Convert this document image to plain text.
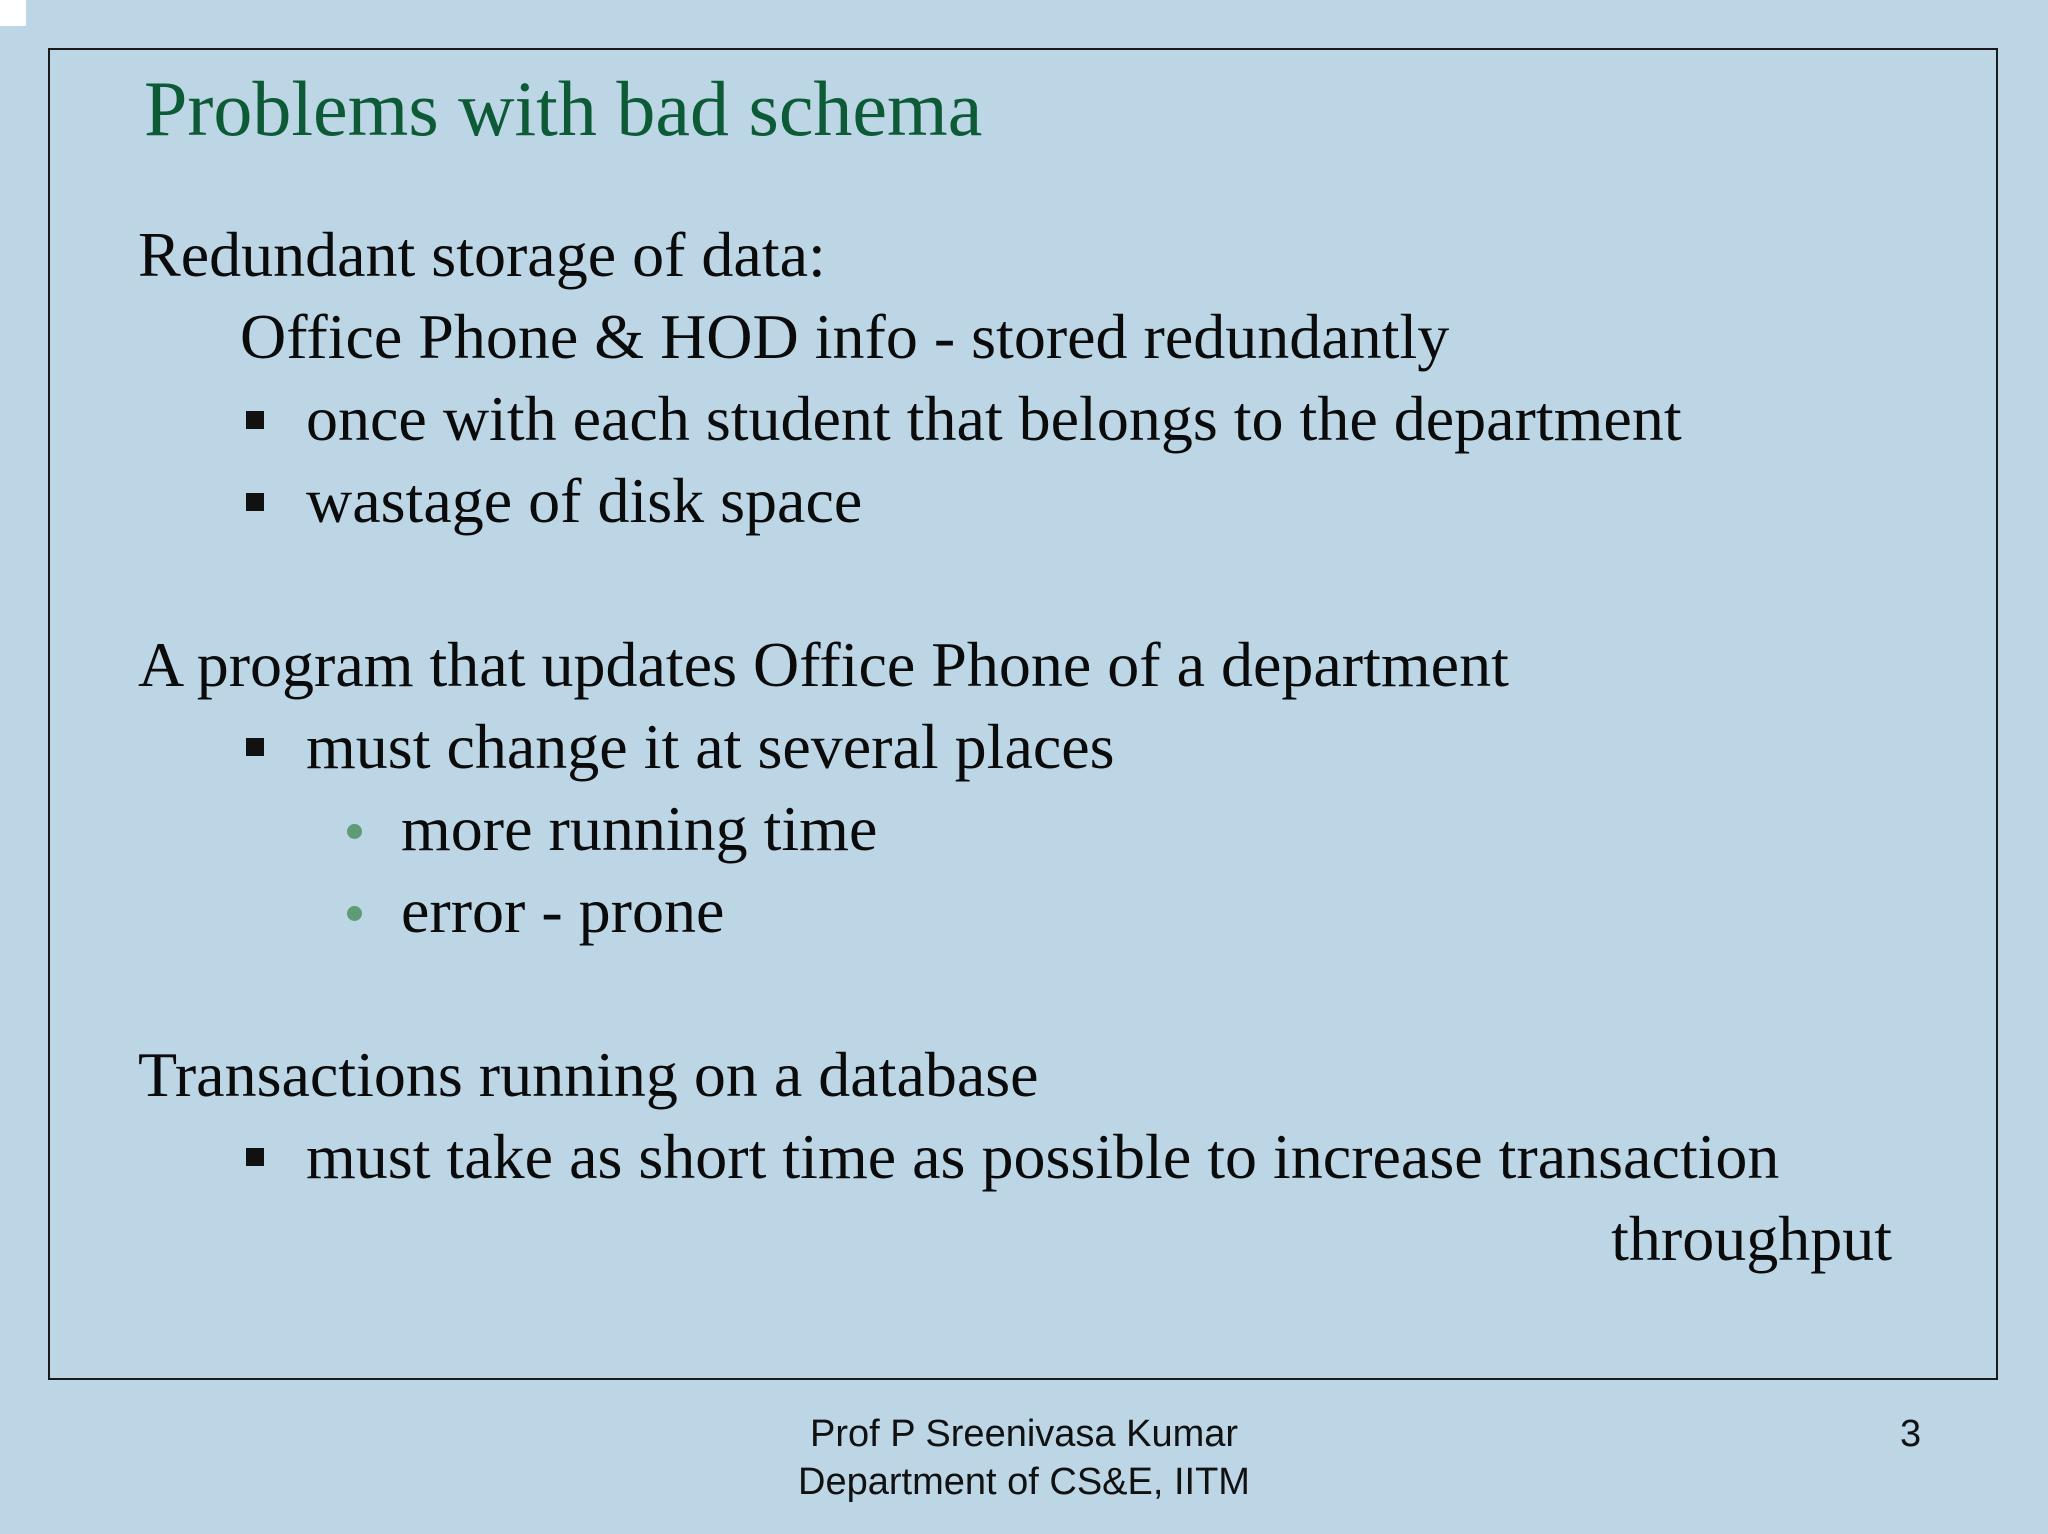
Problems with bad schema
Redundant storage of data:
Office Phone & HOD info - stored redundantly
once with each student that belongs to the department
wastage of disk space
A program that updates Office Phone of a department
must change it at several places
more running time
error - prone
Transactions running on a database
must take as short time as possible to increase transaction
throughput
Prof P Sreenivasa Kumar
Department of CS&E, IITM
3
